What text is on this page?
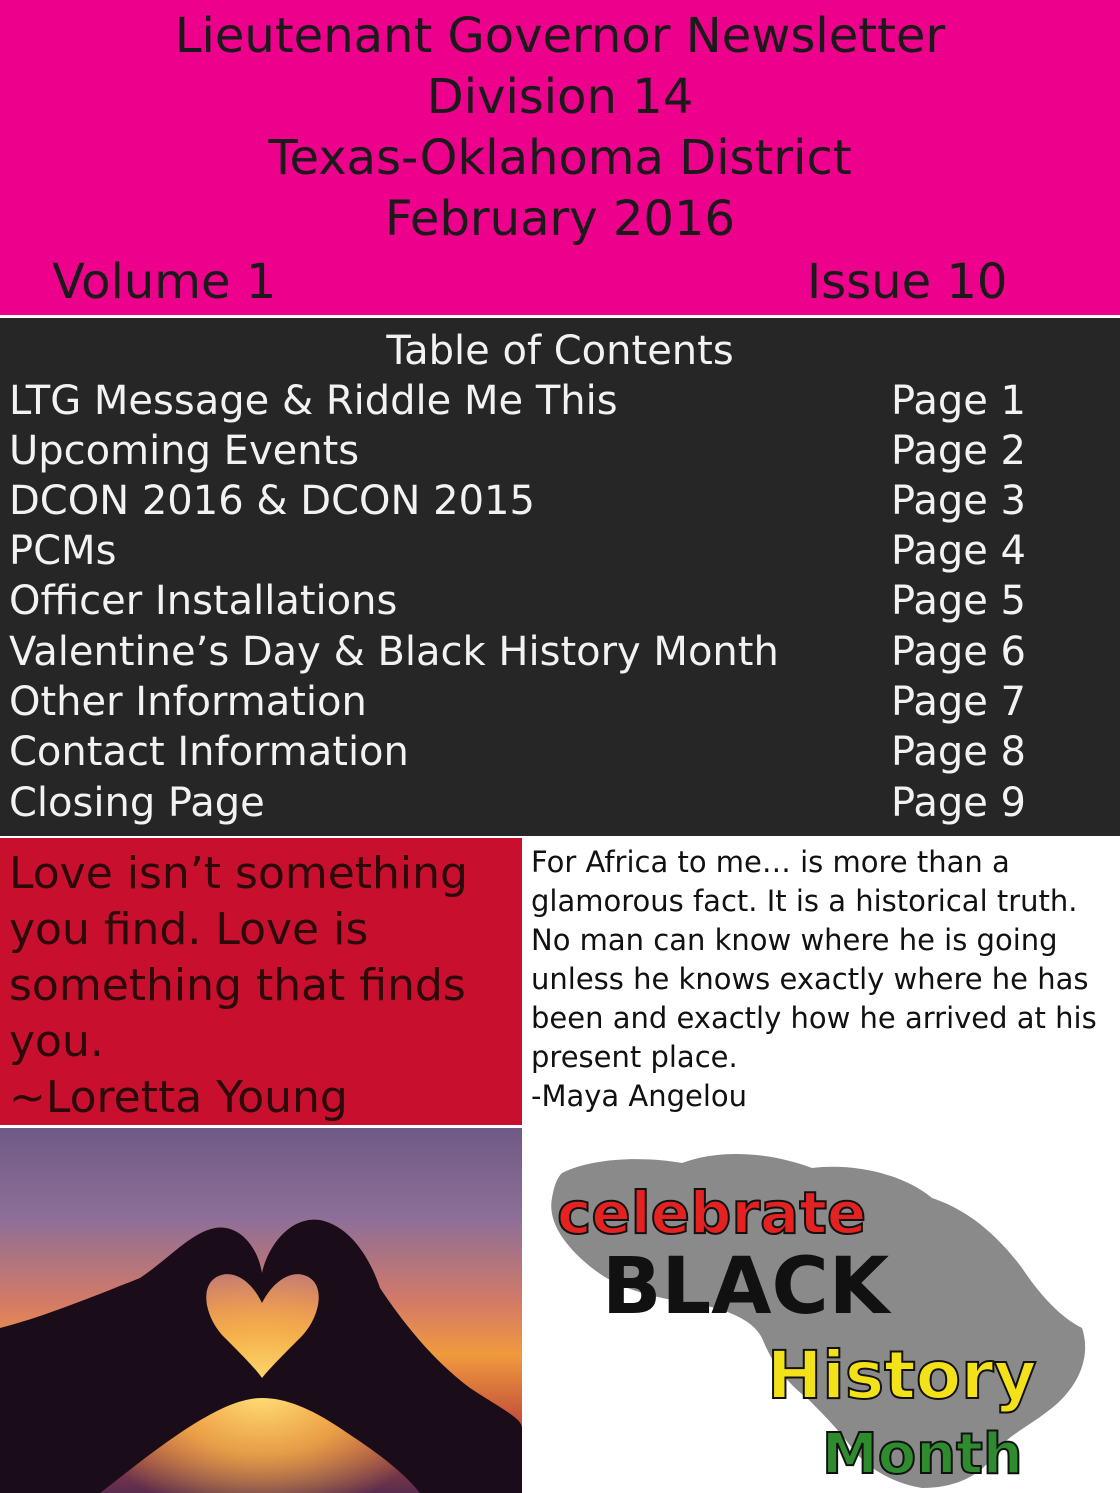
Lieutenant Governor Newsletter
Division 14
Texas-Oklahoma District
February 2016
Volume 1	Issue 10
Table of Contents
LTG Message & Riddle Me This	Page 1
Upcoming Events	Page 2
DCON 2016 & DCON 2015	Page 3
PCMs	Page 4
Officer Installations	Page 5
Valentine’s Day & Black History Month	Page 6
Other Information	Page 7
Contact Information	Page 8
Closing Page	Page 9
Love isn’t something you find. Love is something that finds you.
~Loretta Young
For Africa to me… is more than a glamorous fact. It is a historical truth. No man can know where he is going unless he knows exactly where he has been and exactly how he arrived at his present place.
-Maya Angelou
celebrate
BLACK
History
Month
